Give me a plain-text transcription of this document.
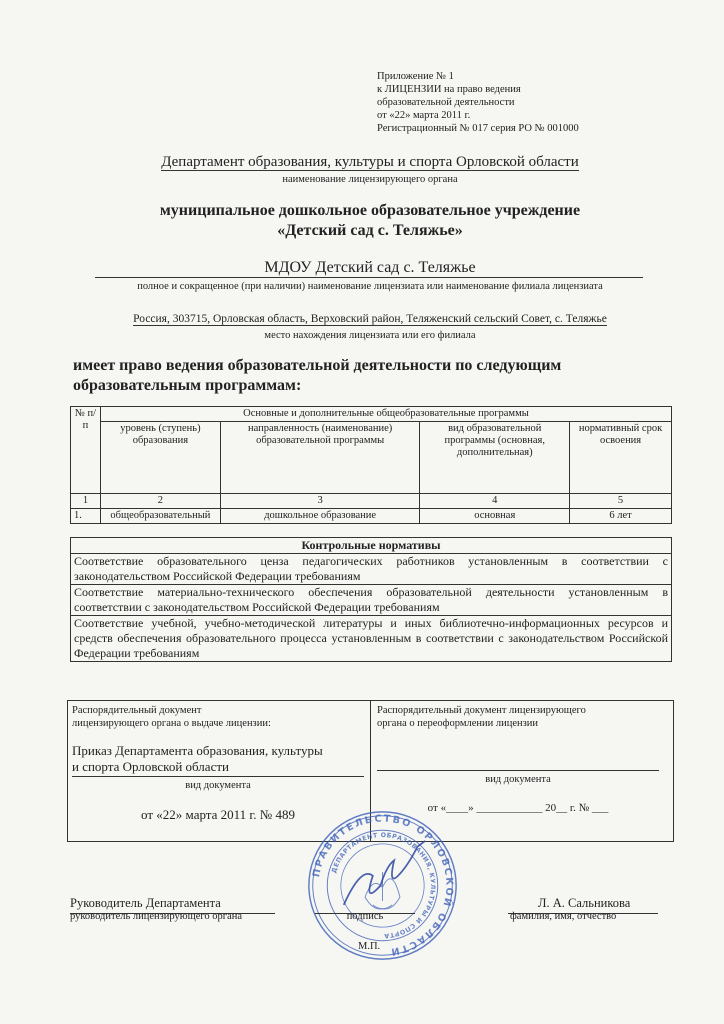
Приложение № 1
к ЛИЦЕНЗИИ на право ведения
образовательной деятельности
от «22» марта 2011 г.
Регистрационный № 017 серия РО № 001000
Департамент образования, культуры и спорта Орловской области
наименование лицензирующего органа
муниципальное дошкольное образовательное учреждение
«Детский сад с. Теляжье»
МДОУ Детский сад с. Теляжье
полное и сокращенное (при наличии) наименование лицензиата или наименование филиала лицензиата
Россия, 303715, Орловская область, Верховский район, Теляженский сельский Совет, с. Теляжье
место нахождения лицензиата или его филиала
имеет право ведения образовательной деятельности по следующим
образовательным программам:
№ п/п	Основные и дополнительные общеобразовательные программы			
	уровень (ступень) образования	направленность (наименование) образовательной программы	вид образовательной программы (основная, дополнительная)	нормативный срок освоения
1	2	3	4	5
1.	общеобразовательный	дошкольное образование	основная	6 лет
Контрольные нормативы
Соответствие образовательного ценза педагогических работников установленным в соответствии с законодательством Российской Федерации требованиям
Соответствие материально-технического обеспечения образовательной деятельности установленным в соответствии с законодательством Российской Федерации требованиям
Соответствие учебной, учебно-методической литературы и иных библиотечно-информационных ресурсов и средств обеспечения образовательного процесса установленным в соответствии с законодательством Российской Федерации требованиям
Распорядительный документ
лицензирующего органа о выдаче лицензии:
Приказ Департамента образования, культуры
и спорта Орловской области
вид документа
от «22» марта 2011 г. № 489
Распорядительный документ лицензирующего
органа о переоформлении лицензии
вид документа
от «____» ____________ 20__ г. № ___
ПРАВИТЕЛЬСТВО ОРЛОВСКОЙ ОБЛАСТИ
ДЕПАРТАМЕНТ ОБРАЗОВАНИЯ, КУЛЬТУРЫ И СПОРТА
Руководитель Департамента
руководитель лицензирующего органа	подпись
М.П.
Л. А. Сальникова
фамилия, имя, отчество
